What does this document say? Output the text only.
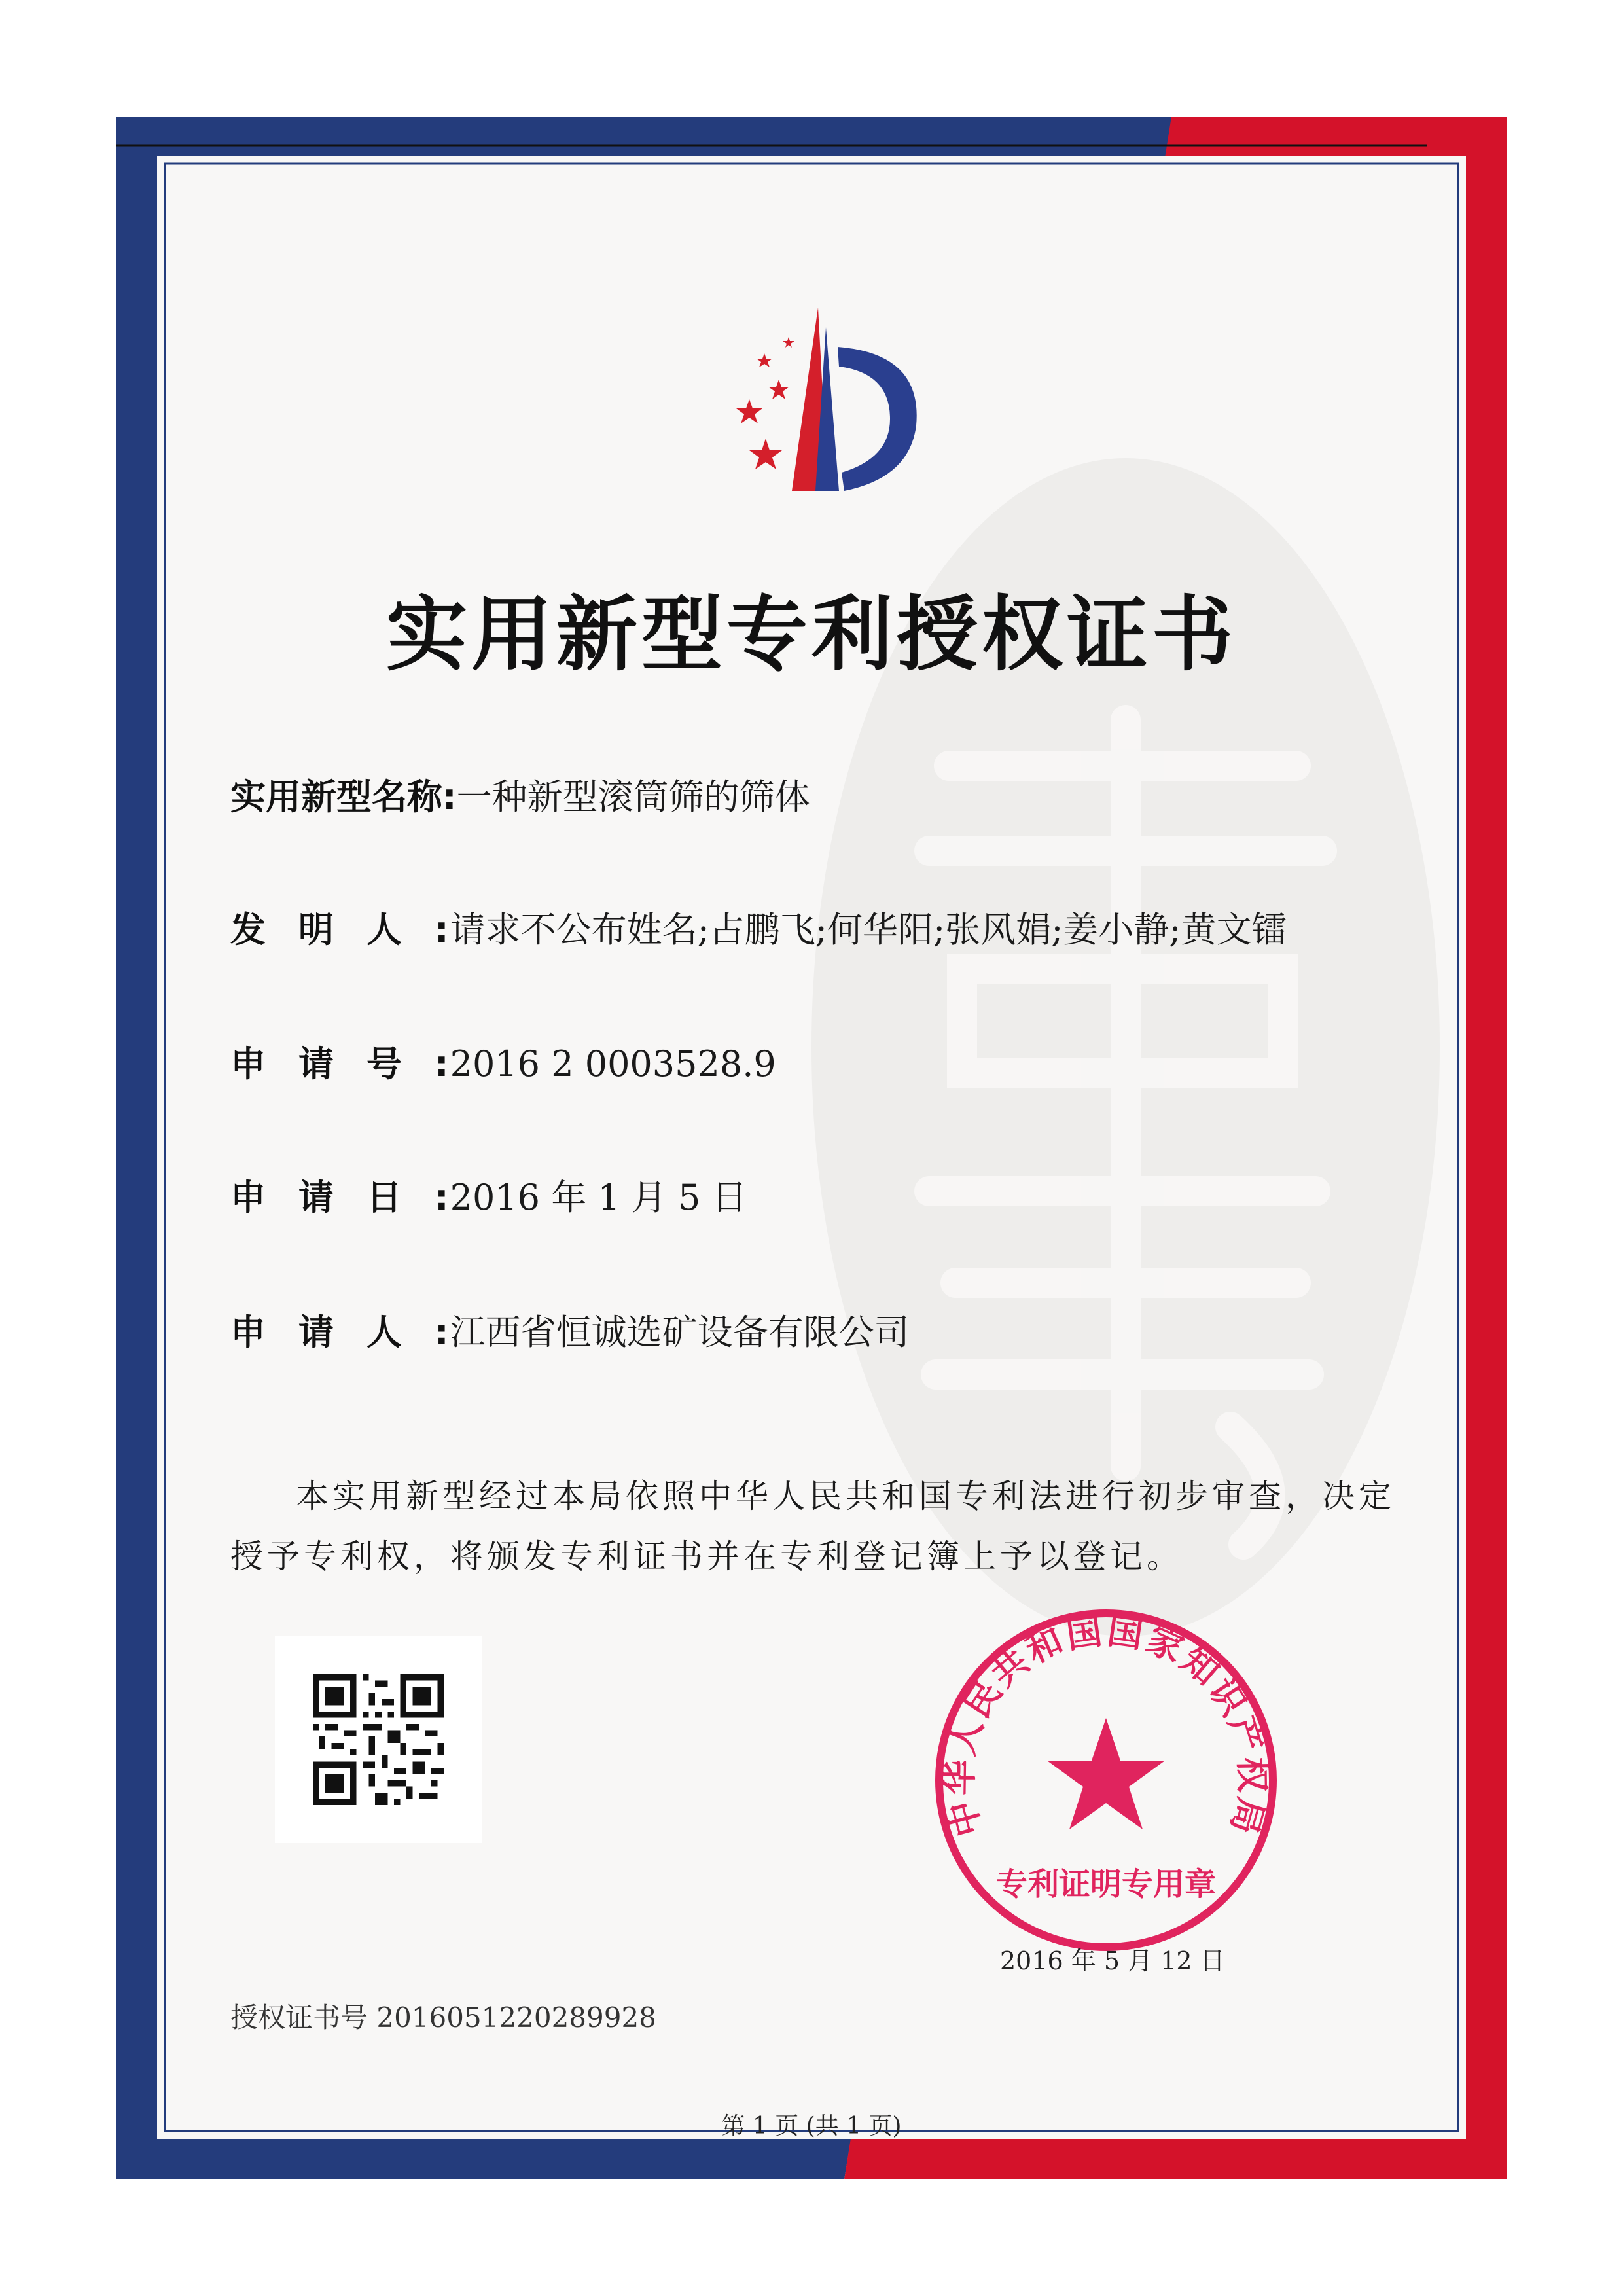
实用新型专利授权证书
实用新型名称: 一种新型滚筒筛的筛体
发明人:
请求不公布姓名;占鹏飞;何华阳;张风娟;姜小静;黄文镭
申请号:
2016 2 0003528.9
申请日:
2016 年 1 月 5 日
申请人:
江西省恒诚选矿设备有限公司
本实用新型经过本局依照中华人民共和国专利法进行初步审查，决定授予专利权，将颁发专利证书并在专利登记簿上予以登记。
中华人民共和国国家知识产权局
专利证明专用章
2016 年 5 月 12 日
授权证书号 2016051220289928
第 1 页 (共 1 页)
